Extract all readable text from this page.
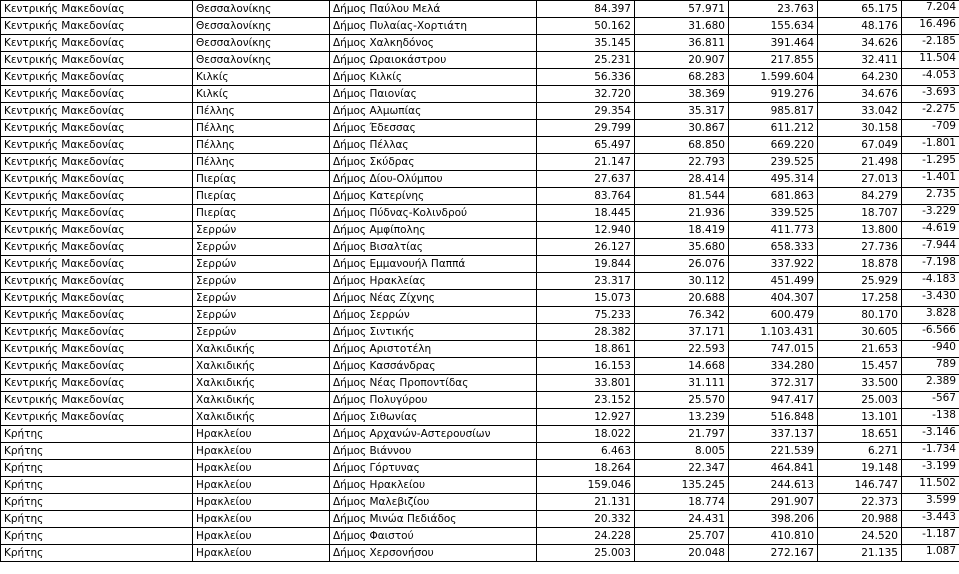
Κεντρικής Μακεδονίας	Θεσσαλονίκης	Δήμος Παύλου Μελά	84.397	57.971	23.763	65.175	7.204
Κεντρικής Μακεδονίας	Θεσσαλονίκης	Δήμος Πυλαίας-Χορτιάτη	50.162	31.680	155.634	48.176	16.496
Κεντρικής Μακεδονίας	Θεσσαλονίκης	Δήμος Χαλκηδόνος	35.145	36.811	391.464	34.626	-2.185
Κεντρικής Μακεδονίας	Θεσσαλονίκης	Δήμος Ωραιοκάστρου	25.231	20.907	217.855	32.411	11.504
Κεντρικής Μακεδονίας	Κιλκίς	Δήμος Κιλκίς	56.336	68.283	1.599.604	64.230	-4.053
Κεντρικής Μακεδονίας	Κιλκίς	Δήμος Παιονίας	32.720	38.369	919.276	34.676	-3.693
Κεντρικής Μακεδονίας	Πέλλης	Δήμος Αλμωπίας	29.354	35.317	985.817	33.042	-2.275
Κεντρικής Μακεδονίας	Πέλλης	Δήμος Έδεσσας	29.799	30.867	611.212	30.158	-709
Κεντρικής Μακεδονίας	Πέλλης	Δήμος Πέλλας	65.497	68.850	669.220	67.049	-1.801
Κεντρικής Μακεδονίας	Πέλλης	Δήμος Σκύδρας	21.147	22.793	239.525	21.498	-1.295
Κεντρικής Μακεδονίας	Πιερίας	Δήμος Δίου-Ολύμπου	27.637	28.414	495.314	27.013	-1.401
Κεντρικής Μακεδονίας	Πιερίας	Δήμος Κατερίνης	83.764	81.544	681.863	84.279	2.735
Κεντρικής Μακεδονίας	Πιερίας	Δήμος Πύδνας-Κολινδρού	18.445	21.936	339.525	18.707	-3.229
Κεντρικής Μακεδονίας	Σερρών	Δήμος Αμφίπολης	12.940	18.419	411.773	13.800	-4.619
Κεντρικής Μακεδονίας	Σερρών	Δήμος Βισαλτίας	26.127	35.680	658.333	27.736	-7.944
Κεντρικής Μακεδονίας	Σερρών	Δήμος Εμμανουήλ Παππά	19.844	26.076	337.922	18.878	-7.198
Κεντρικής Μακεδονίας	Σερρών	Δήμος Ηρακλείας	23.317	30.112	451.499	25.929	-4.183
Κεντρικής Μακεδονίας	Σερρών	Δήμος Νέας Ζίχνης	15.073	20.688	404.307	17.258	-3.430
Κεντρικής Μακεδονίας	Σερρών	Δήμος Σερρών	75.233	76.342	600.479	80.170	3.828
Κεντρικής Μακεδονίας	Σερρών	Δήμος Σιντικής	28.382	37.171	1.103.431	30.605	-6.566
Κεντρικής Μακεδονίας	Χαλκιδικής	Δήμος Αριστοτέλη	18.861	22.593	747.015	21.653	-940
Κεντρικής Μακεδονίας	Χαλκιδικής	Δήμος Κασσάνδρας	16.153	14.668	334.280	15.457	789
Κεντρικής Μακεδονίας	Χαλκιδικής	Δήμος Νέας Προποντίδας	33.801	31.111	372.317	33.500	2.389
Κεντρικής Μακεδονίας	Χαλκιδικής	Δήμος Πολυγύρου	23.152	25.570	947.417	25.003	-567
Κεντρικής Μακεδονίας	Χαλκιδικής	Δήμος Σιθωνίας	12.927	13.239	516.848	13.101	-138
Κρήτης	Ηρακλείου	Δήμος Αρχανών-Αστερουσίων	18.022	21.797	337.137	18.651	-3.146
Κρήτης	Ηρακλείου	Δήμος Βιάννου	6.463	8.005	221.539	6.271	-1.734
Κρήτης	Ηρακλείου	Δήμος Γόρτυνας	18.264	22.347	464.841	19.148	-3.199
Κρήτης	Ηρακλείου	Δήμος Ηρακλείου	159.046	135.245	244.613	146.747	11.502
Κρήτης	Ηρακλείου	Δήμος Μαλεβιζίου	21.131	18.774	291.907	22.373	3.599
Κρήτης	Ηρακλείου	Δήμος Μινώα Πεδιάδος	20.332	24.431	398.206	20.988	-3.443
Κρήτης	Ηρακλείου	Δήμος Φαιστού	24.228	25.707	410.810	24.520	-1.187
Κρήτης	Ηρακλείου	Δήμος Χερσονήσου	25.003	20.048	272.167	21.135	1.087
